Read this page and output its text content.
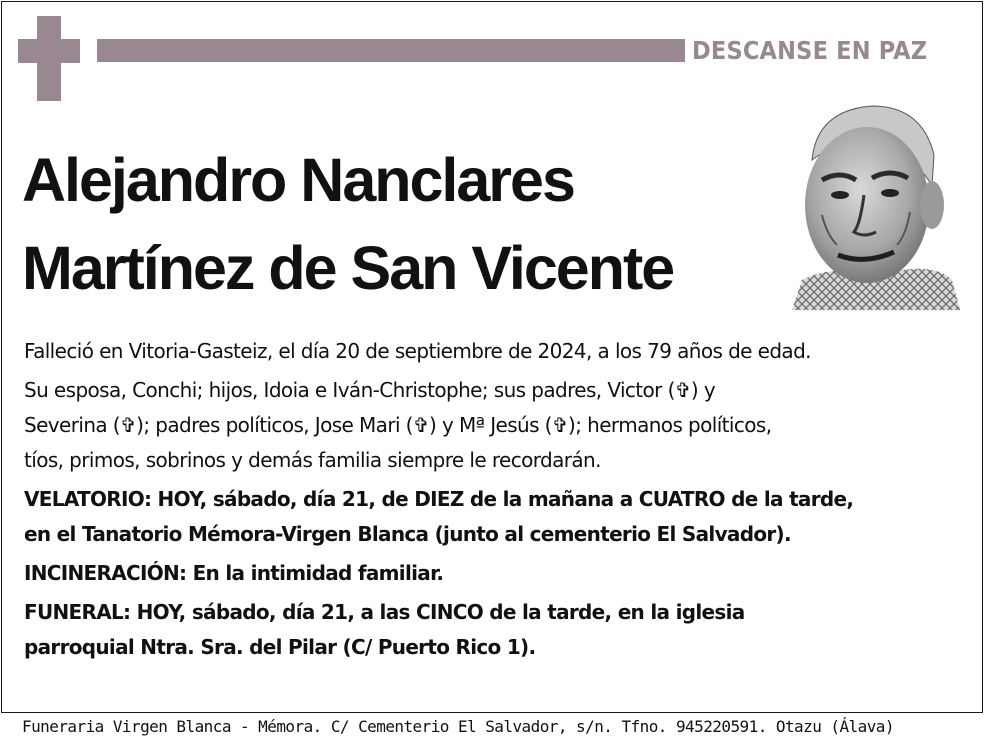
DESCANSE EN PAZ
Alejandro Nanclares
Martínez de San Vicente

Falleció en Vitoria-Gasteiz, el día 20 de septiembre de 2024, a los 79 años de edad.

Su esposa, Conchi; hijos, Idoia e Iván-Christophe; sus padres, Victor (✞) y

Severina (✞); padres políticos, Jose Mari (✞) y Mª Jesús (✞); hermanos políticos,

tíos, primos, sobrinos y demás familia siempre le recordarán.

VELATORIO: HOY, sábado, día 21, de DIEZ de la mañana a CUATRO de la tarde,

en el Tanatorio Mémora-Virgen Blanca (junto al cementerio El Salvador).

INCINERACIÓN: En la intimidad familiar.

FUNERAL: HOY, sábado, día 21, a las CINCO de la tarde, en la iglesia

parroquial Ntra. Sra. del Pilar (C/ Puerto Rico 1).

Funeraria Virgen Blanca - Mémora. C/ Cementerio El Salvador, s/n. Tfno. 945220591. Otazu (Álava)
